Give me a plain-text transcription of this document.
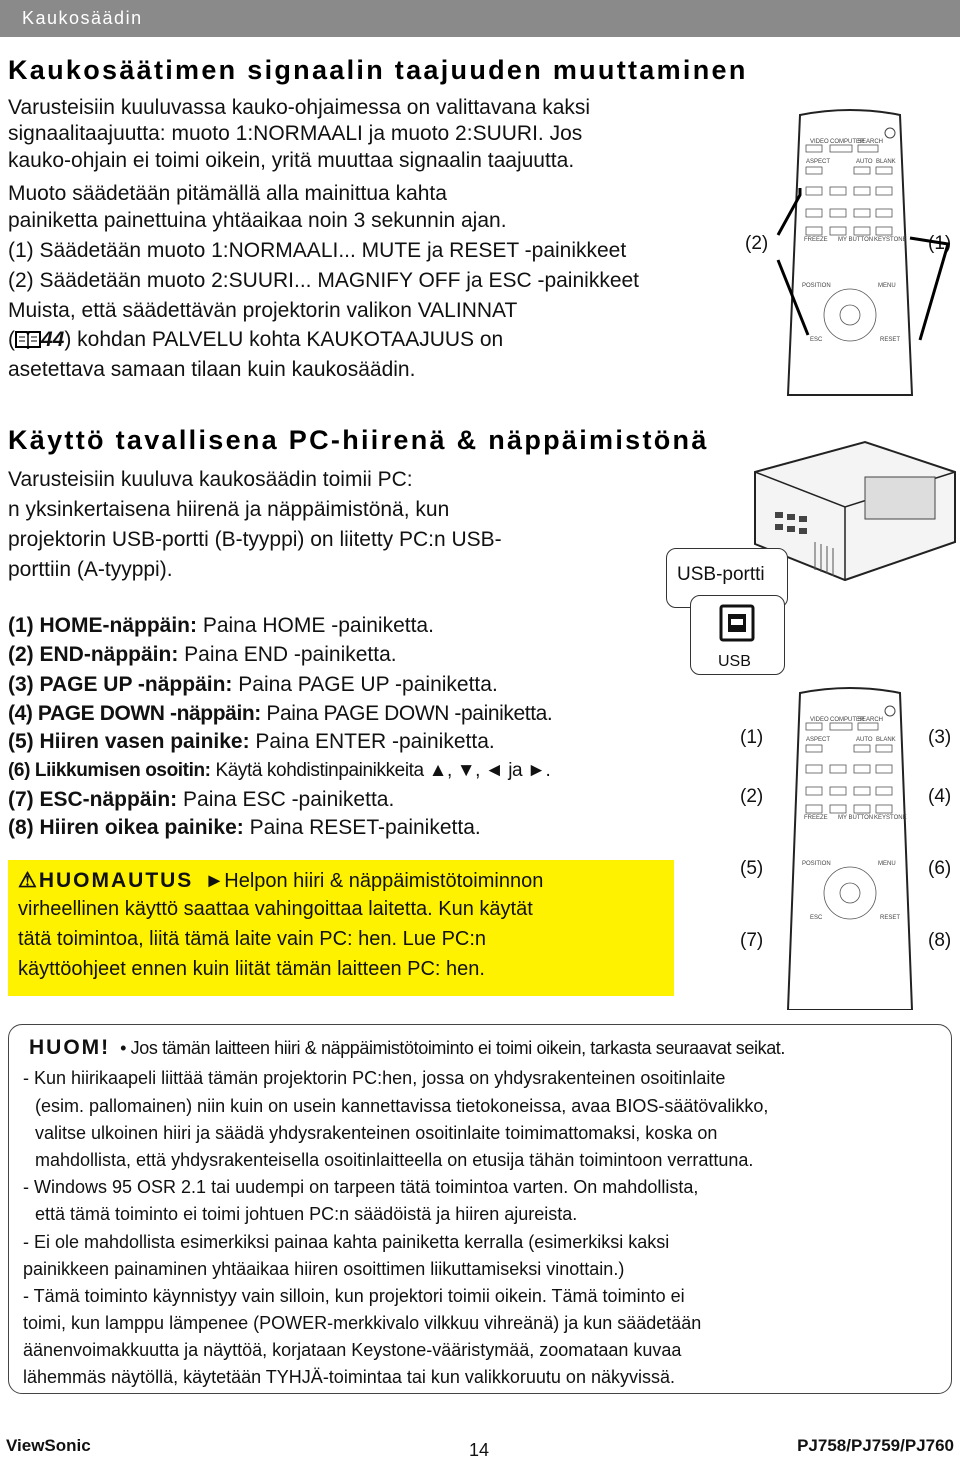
Kaukosäädin
Kaukosäätimen signaalin taajuuden muuttaminen
Varusteisiin kuuluvassa kauko-ohjaimessa on valittavana kaksi
signaalitaajuutta: muoto 1:NORMAALI ja muoto 2:SUURI. Jos
kauko-ohjain ei toimi oikein, yritä muuttaa signaalin taajuutta.
Muoto säädetään pitämällä alla mainittua kahta
painiketta painettuina yhtäaikaa noin 3 sekunnin ajan.
(1) Säädetään muoto 1:NORMAALI... MUTE ja RESET -painikkeet
(2) Säädetään muoto 2:SUURI... MAGNIFY OFF ja ESC -painikkeet
Muista, että säädettävän projektorin valikon VALINNAT
( 44) kohdan PALVELU kohta KAUKOTAAJUUS on
asetettava samaan tilaan kuin kaukosäädin.
(2)	(1)
VIDEO COMPUTER
SEARCH
ASPECT	AUTO BLANK
FREEZE MY BUTTON KEYSTONE
POSITION	MENU
ESC	RESET
Käyttö tavallisena PC-hiirenä & näppäimistönä
Varusteisiin kuuluva kaukosäädin toimii PC:
n yksinkertaisena hiirenä ja näppäimistönä, kun
projektorin USB-portti (B-tyyppi) on liitetty PC:n USB-
porttiin (A-tyyppi).	USB-portti
USB
(1) HOME-näppäin: Paina HOME -painiketta.
(2) END-näppäin: Paina END -painiketta.
(3) PAGE UP -näppäin: Paina PAGE UP -painiketta.
(4) PAGE DOWN -näppäin: Paina PAGE DOWN -painiketta.
(5) Hiiren vasen painike: Paina ENTER -painiketta.
(6) Liikkumisen osoitin: Käytä kohdistinpainikkeita ▲, ▼, ◄ ja ►.
(7) ESC-näppäin: Paina ESC -painiketta.
(8) Hiiren oikea painike: Paina RESET-painiketta.
VIDEO COMPUTER
SEARCH
ASPECT	AUTO BLANK
FREEZE MY BUTTON KEYSTONE
POSITION	MENU
ESC	RESET
(1)	(3)
(2)	(4)
(5)	(6)
(7)	(8)
⚠HUOMAUTUS ►Helpon hiiri & näppäimistötoiminnon
virheellinen käyttö saattaa vahingoittaa laitetta. Kun käytät
tätä toimintoa, liitä tämä laite vain PC: hen. Lue PC:n
käyttöohjeet ennen kuin liität tämän laitteen PC: hen.
HUOM! • Jos tämän laitteen hiiri & näppäimistötoiminto ei toimi oikein, tarkasta seuraavat seikat.
- Kun hiirikaapeli liittää tämän projektorin PC:hen, jossa on yhdysrakenteinen osoitinlaite
(esim. pallomainen) niin kuin on usein kannettavissa tietokoneissa, avaa BIOS-säätövalikko,
valitse ulkoinen hiiri ja säädä yhdysrakenteinen osoitinlaite toimimattomaksi, koska on
mahdollista, että yhdysrakenteisella osoitinlaitteella on etusija tähän toimintoon verrattuna.
- Windows 95 OSR 2.1 tai uudempi on tarpeen tätä toimintoa varten. On mahdollista,
että tämä toiminto ei toimi johtuen PC:n säädöistä ja hiiren ajureista.
- Ei ole mahdollista esimerkiksi painaa kahta painiketta kerralla (esimerkiksi kaksi
painikkeen painaminen yhtäaikaa hiiren osoittimen liikuttamiseksi vinottain.)
- Tämä toiminto käynnistyy vain silloin, kun projektori toimii oikein. Tämä toiminto ei
toimi, kun lamppu lämpenee (POWER-merkkivalo vilkkuu vihreänä) ja kun säädetään
äänenvoimakkuutta ja näyttöä, korjataan Keystone-vääristymää, zoomataan kuvaa
lähemmäs näytöllä, käytetään TYHJÄ-toimintaa tai kun valikkoruutu on näkyvissä.
ViewSonic	14	PJ758/PJ759/PJ760
